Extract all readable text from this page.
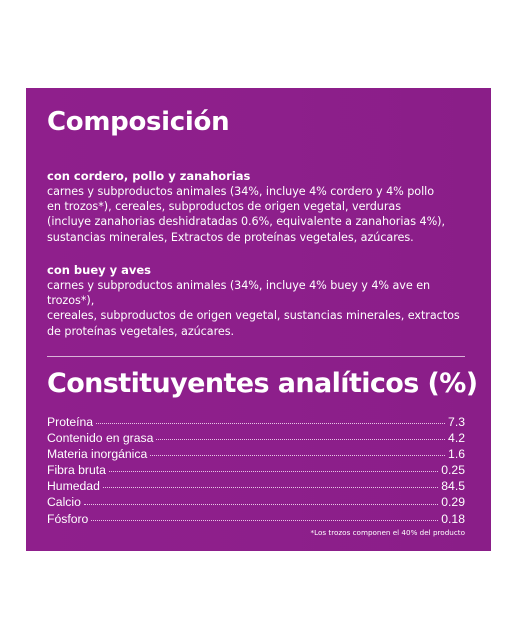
Composición

con cordero, pollo y zanahorias

carnes y subproductos animales (34%, incluye 4% cordero y 4% pollo
en trozos*), cereales, subproductos de origen vegetal, verduras
(incluye zanahorias deshidratadas 0.6%, equivalente a zanahorias 4%),
sustancias minerales, Extractos de proteínas vegetales, azúcares.

con buey y aves

carnes y subproductos animales (34%, incluye 4% buey y 4% ave en trozos*),
cereales, subproductos de origen vegetal, sustancias minerales, extractos
de proteínas vegetales, azúcares.

Constituyentes analíticos (%)
Proteína	7.3
Contenido en grasa	4.2
Materia inorgánica	1.6
Fibra bruta	0.25
Humedad	84.5
Calcio	0.29
Fósforo	0.18
*Los trozos componen el 40% del producto
